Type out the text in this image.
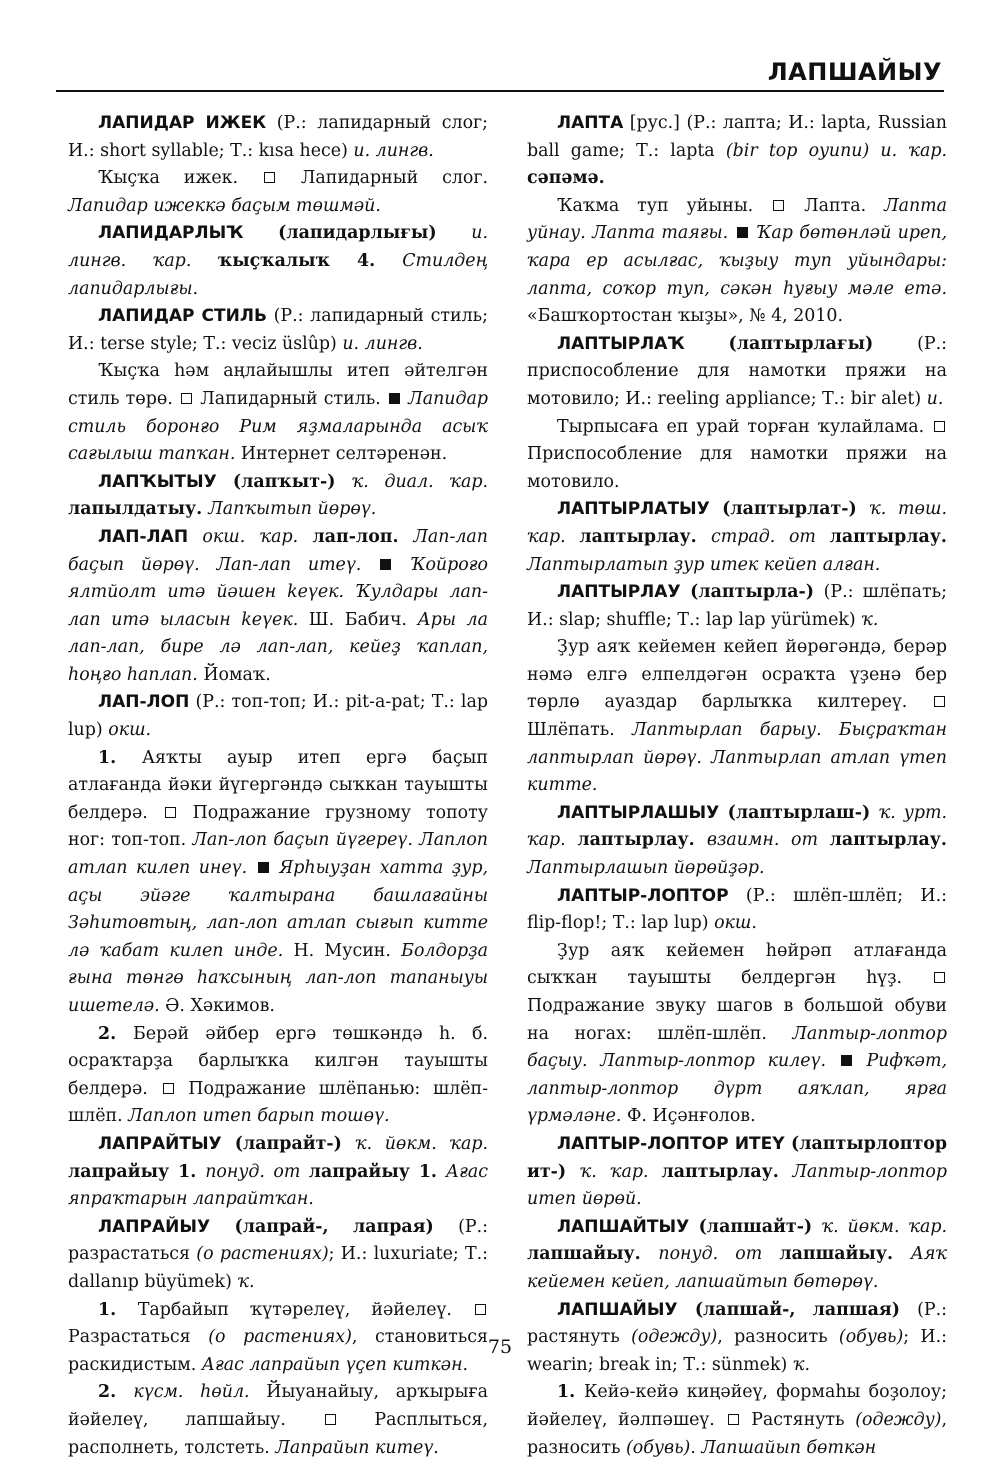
ЛАПШАЙЫУ

ЛАПИДАР ИЖЕК (Р.: лапидарный слог; И.: short syllable; Т.: kısa hece) и. лингв.

Ҡыҫҡа ижек.  Лапидарный слог. Лапидар ижеккә баҫым төшмәй.

ЛАПИДАРЛЫҠ (лапидарлығы) и. лингв. ҡар. ҡыҫҡалыҡ 4. Стилдең лапидарлығы.

ЛАПИДАР СТИЛЬ (Р.: лапидарный стиль; И.: terse style; Т.: veciz üslûp) и. лингв.

Ҡыҫҡа һәм аңлайышлы итеп әйтелгән стиль төрө.  Лапидарный стиль.  Лапидар стиль боронғо Рим яҙмаларында асыҡ сағылыш тапҡан. Интернет селтәренән.

ЛАПҠЫТЫУ (лапҡыт-) ҡ. диал. ҡар. лапылдатыу. Лапҡытып йөрөү.

ЛАП-ЛАП окш. ҡар. лап-лоп. Лап-лап баҫып йөрөү. Лап-лап итеү.  Ҡойроғо ялтйолт итә йәшен keүeк. Ҡулдары лап-лап итә ыласын keүeк. Ш. Бабич. Ары ла лап-лап, бире лә лап-лап, кейеҙ ҡаплап, һоңғо һаплап. Йомаҡ.

ЛАП-ЛОП (Р.: топ-топ; И.: pit-a-pat; Т.: lap lup) окш.

1. Аяҡты ауыр итеп ергә баҫып атлағанда йәки йүгергәндә сыҡкан тауышты белдерә.  Подражание грузному топоту ног: топ-топ. Лап-лоп баҫып йүгереү. Лаплоп атлап килеп инеү.  Ярһыуҙан хатта ҙур, аҫы эйәге ҡалтырана башлағайны Зәһитовтың, лап-лоп атлап сығып китте лә ҡабат килеп инде. Н. Мусин. Болдорҙа ғына төнгө һаҡсының лап-лоп тапаныуы ишетелә. Ә. Хәкимов.

2. Берәй әйбер ергә төшкәндә һ. б. осраҡтарҙа барлыҡка килгән тауышты белдерә.  Подражание шлёпанью: шлёп-шлёп. Лаплоп итеп барып тошөү.

ЛАПРАЙТЫУ (лапрайт-) ҡ. йөкм. ҡар. лапрайыу 1. понуд. от лапрайыу 1. Ағас япраҡтарын лапрайтҡан.

ЛАПРАЙЫУ (лапрай-, лапрая) (Р.: разрастаться (о растениях); И.: luxuriate; Т.: dallanıp büyümek) ҡ.

1. Тарбайып ҡүтәрелеү, йәйелеү.  Разрастаться (о растениях), становиться раскидистым. Ағас лапрайып үҫеп киткән.

2. күсм. һөйл. Йыуанайыу, арҡырыға йәйелеү, лапшайыу.  Расплыться, располнеть, толстеть. Лапрайып китеү.

ЛАПТА [рус.] (Р.: лапта; И.: lapta, Russian ball game; Т.: lapta (bir top oyunu) и. ҡар. сәпәмә.

Ҡаҡма туп уйыны.  Лапта. Лапта уйнау. Лапта таяғы.  Ҡар бөтөнләй иреп, ҡара ер асылғас, ҡыҙыу туп уйындары: лапта, соҡор туп, сәкән һуғыу мәле етә. «Башҡортостан ҡыҙы», № 4, 2010.

ЛАПТЫРЛАҠ (лаптырлағы) (Р.: приспособление для намотки пряжи на мотовило; И.: reeling appliance; Т.: bir alet) и.

Тырпысаға еп урай торған ҡулайлама.  Приспособление для намотки пряжи на мотовило.

ЛАПТЫРЛАТЫУ (лаптырлат-) ҡ. төш. ҡар. лаптырлау. страд. от лаптырлау. Лаптырлатып ҙур итек кейеп алған.

ЛАПТЫРЛАУ (лаптырла-) (Р.: шлёпать; И.: slap; shuffle; Т.: lap lap yürümek) ҡ.

Ҙур аяҡ кейемен кейеп йөрөгәндә, берәр нәмә елгә елпелдәгән осраҡта үҙенә бер төрлө ауаздар барлыҡка килтереү.  Шлёпать. Лаптырлап барыу. Быҫраҡтан лаптырлап йөрөү. Лаптырлап атлап үтеп китте.

ЛАПТЫРЛАШЫУ (лаптырлаш-) ҡ. урт. ҡар. лаптырлау. взаимн. от лаптырлау. Лаптырлашып йөрөйҙәр.

ЛАПТЫР-ЛОПТОР (Р.: шлёп-шлёп; И.: flip-flop!; Т.: lap lup) окш.

Ҙур аяҡ кейемен һөйрәп атлағанда сыҡҡан тауышты белдергән һүҙ.  Подражание звуку шагов в большой обуви на ногах: шлёп-шлёп. Лаптыр-лоптор баҫыу. Лаптыр-лоптор килеү.  Рифҡәт, лаптыр-лоптор дүрт аяҡлап, ярға үрмәләне. Ф. Иҫәнғолов.

ЛАПТЫР-ЛОПТОР ИТЕҮ (лаптырлоптор ит-) ҡ. ҡар. лаптырлау. Лаптыр-лоптор итеп йөрөй.

ЛАПШАЙТЫУ (лапшайт-) ҡ. йөкм. ҡар. лапшайыу. понуд. от лапшайыу. Аяҡ кейемен кейеп, лапшайтып бөтөрөү.

ЛАПШАЙЫУ (лапшай-, лапшая) (Р.: растянуть (одежду), разносить (обувь); И.: wearin; break in; Т.: sünmek) ҡ.

1. Кейә-кейә киңәйеү, формаһы боҙолоу; йәйелеү, йәлпәшеү.  Растянуть (одежду), разносить (обувь). Лапшайып бөткән

75
